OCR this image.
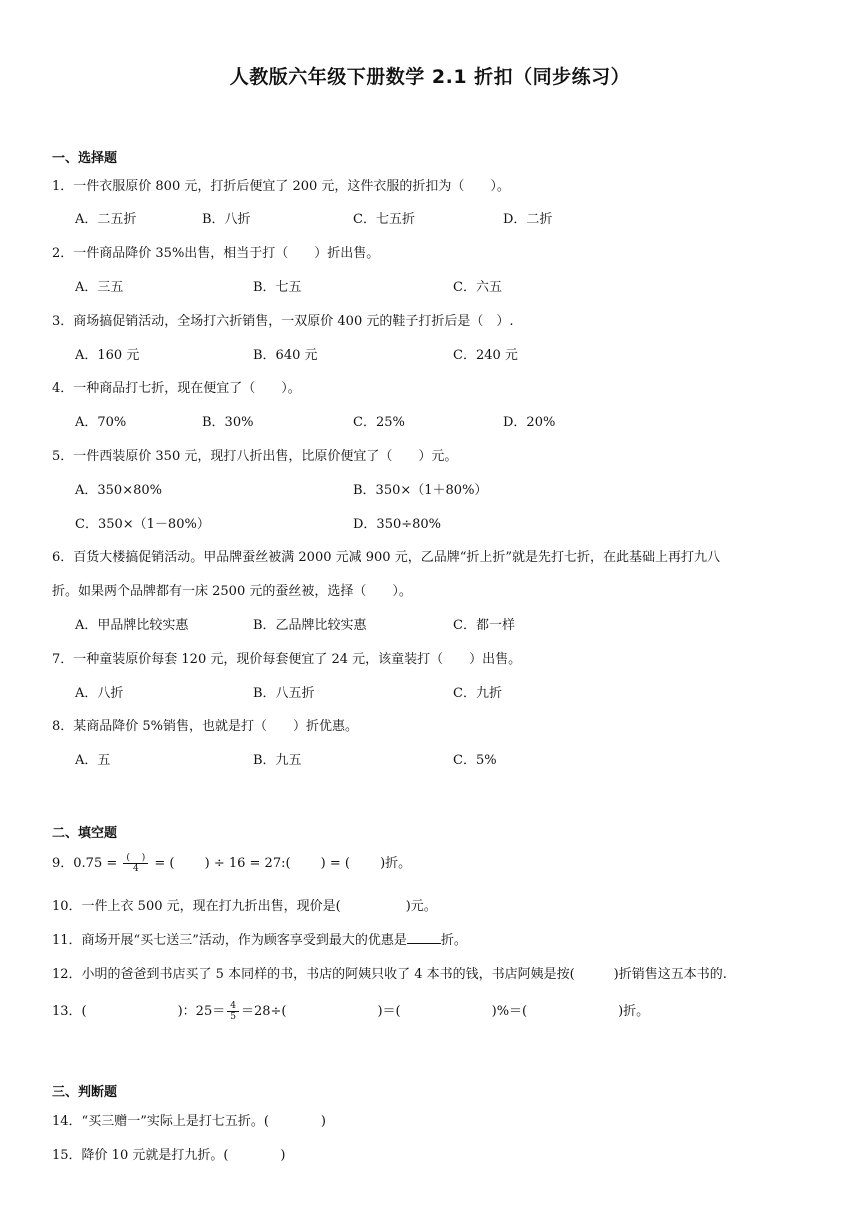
人教版六年级下册数学 2.1 折扣（同步练习）
一、选择题
1．一件衣服原价 800 元，打折后便宜了 200 元，这件衣服的折扣为（　　）。
A．二五折	B．八折	C．七五折	D．二折
2．一件商品降价 35%出售，相当于打（　　）折出售。
A．三五	B．七五	C．六五
3．商场搞促销活动，全场打六折销售，一双原价 400 元的鞋子打折后是（　）.
A．160 元	B．640 元	C．240 元
4．一种商品打七折，现在便宜了（　　）。
A．70%	B．30%	C．25%	D．20%
5．一件西装原价 350 元，现打八折出售，比原价便宜了（　　）元。
A．350×80%	B．350×（1＋80%）
C．350×（1－80%）	D．350÷80%
6．百货大楼搞促销活动。甲品牌蚕丝被满 2000 元减 900 元，乙品牌“折上折”就是先打七折，在此基础上再打九八
折。如果两个品牌都有一床 2500 元的蚕丝被，选择（　　）。
A．甲品牌比较实惠	B．乙品牌比较实惠	C．都一样
7．一种童装原价每套 120 元，现价每套便宜了 24 元，该童装打（　　）出售。
A．八折	B．八五折	C．九折
8．某商品降价 5%销售，也就是打（　　）折优惠。
A．五	B．九五	C．5%
二、填空题
9．$0.75 = \frac{( )}{4}$ = (　　 ) ÷ 16 = 27:(　　 ) = (　　 )折。
10．一件上衣 500 元，现在打九折出售，现价是(　　　　　)元。
11．商场开展“买七送三”活动，作为顾客享受到最大的优惠是	折。
12．小明的爸爸到书店买了 5 本同样的书，书店的阿姨只收了 4 本书的钱，书店阿姨是按(　　　)折销售这五本书的.
13．(　　　　　　　)：$25= \frac{4}{5} =28\div$(　　　　　　　)＝(　　　　　　　)%＝(　　　　　　　)折。
三、判断题
14．“买三赠一”实际上是打七五折。(　　　　)
15．降价 10 元就是打九折。(　　　　)
